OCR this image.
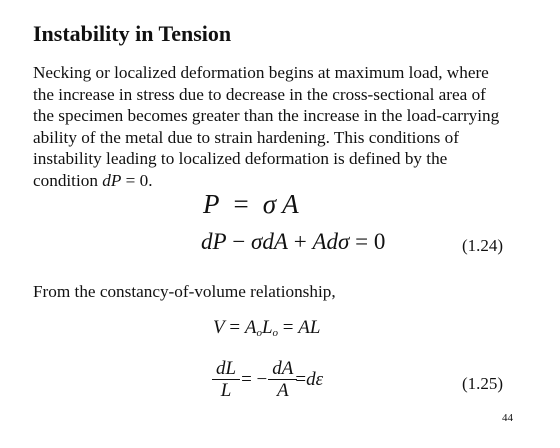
Instability in Tension
Necking or localized deformation begins at maximum load, where
the increase in stress due to decrease in the cross-sectional area of
the specimen becomes greater than the increase in the load-carrying
ability of the metal due to strain hardening. This conditions of
instability leading to localized deformation is defined by the
condition dP = 0.
P = σ A
dP − σdA + Adσ = 0	(1.24)
From the constancy-of-volume relationship,
$V = A_oL_o$ = AL
$\frac{dL}{L}$ = − $\frac{dA}{A} = d\varepsilon$	(1.25)
44
